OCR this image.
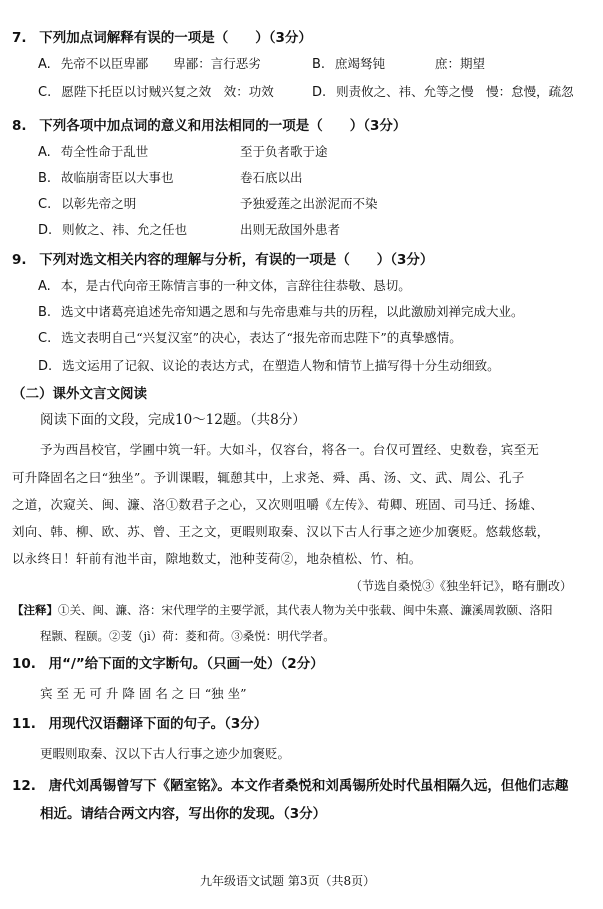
7. 下列加点词解释有误的一项是（　　）（3分）
A. 先帝不以臣卑鄙　　卑鄙：言行恶劣	B. 庶竭驽钝　　　　庶：期望
C. 愿陛下托臣以讨贼兴复之效　效：功效	D. 则责攸之、祎、允等之慢　慢：怠慢，疏忽
8. 下列各项中加点词的意义和用法相同的一项是（　　）（3分）
A. 苟全性命于乱世	至于负者歌于途
B. 故临崩寄臣以大事也	卷石底以出
C. 以彰先帝之明	予独爱莲之出淤泥而不染
D. 则攸之、祎、允之任也	出则无敌国外患者
9. 下列对选文相关内容的理解与分析，有误的一项是（　　）（3分）
A. 本，是古代向帝王陈情言事的一种文体，言辞往往恭敬、恳切。
B. 选文中诸葛亮追述先帝知遇之恩和与先帝患难与共的历程，以此激励刘禅完成大业。
C. 选文表明自己“兴复汉室”的决心，表达了“报先帝而忠陛下”的真挚感情。
D. 选文运用了记叙、议论的表达方式，在塑造人物和情节上描写得十分生动细致。
（二）课外文言文阅读
阅读下面的文段，完成10～12题。（共8分）
予为西昌校官，学圃中筑一轩。大如斗，仅容台，将各一。台仅可置经、史数卷，宾至无
可升降固名之曰“独坐”。予训课暇，辄憩其中，上求尧、舜、禹、汤、文、武、周公、孔子
之道，次窥关、闽、濂、洛①数君子之心，又次则咀嚼《左传》、荀卿、班固、司马迁、扬雄、
刘向、韩、柳、欧、苏、曾、王之文，更暇则取秦、汉以下古人行事之迹少加褒贬。悠载悠载，
以永终日！轩前有池半亩，隙地数丈，池种芰荷②，地杂植松、竹、柏。
（节选自桑悦③《独坐轩记》，略有删改）
【注释】①关、闽、濂、洛：宋代理学的主要学派，其代表人物为关中张载、闽中朱熹、濂溪周敦颐、洛阳
程颢、程颐。②芰（jì）荷：菱和荷。③桑悦：明代学者。
10. 用“/”给下面的文字断句。（只画一处）（2分）
宾 至 无 可 升 降 固 名 之 曰 “独 坐”
11. 用现代汉语翻译下面的句子。（3分）
更暇则取秦、汉以下古人行事之迹少加褒贬。
12. 唐代刘禹锡曾写下《陋室铭》。本文作者桑悦和刘禹锡所处时代虽相隔久远，但他们志趣
相近。请结合两文内容，写出你的发现。（3分）
九年级语文试题 第3页（共8页）
